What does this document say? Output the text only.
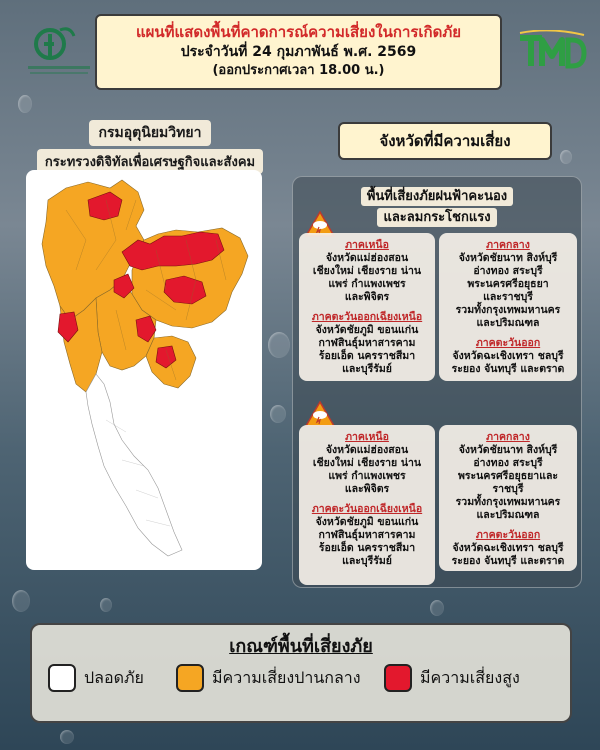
แผนที่แสดงพื้นที่คาดการณ์ความเสี่ยงในการเกิดภัย
ประจำวันที่ 24 กุมภาพันธ์ พ.ศ. 2569
(ออกประกาศเวลา 18.00 น.)
กรมอุตุนิยมวิทยา
กระทรวงดิจิทัลเพื่อเศรษฐกิจและสังคม
จังหวัดที่มีความเสี่ยง
พื้นที่เสี่ยงภัยฝนฟ้าคะนอง
และลมกระโชกแรง
ภาคเหนือ
จังหวัดแม่ฮ่องสอน
เชียงใหม่ เชียงราย น่าน
แพร่ กำแพงเพชร
และพิจิตร
ภาคตะวันออกเฉียงเหนือ
จังหวัดชัยภูมิ ขอนแก่น
กาฬสินธุ์มหาสารคาม
ร้อยเอ็ด นครราชสีมา
และบุรีรัมย์
ภาคกลาง
จังหวัดชัยนาท สิงห์บุรี
อ่างทอง สระบุรี
พระนครศรีอยุธยา
และราชบุรี
รวมทั้งกรุงเทพมหานคร
และปริมณฑล
ภาคตะวันออก
จังหวัดฉะเชิงเทรา ชลบุรี
ระยอง จันทบุรี และตราด
ภาคเหนือ
จังหวัดแม่ฮ่องสอน
เชียงใหม่ เชียงราย น่าน
แพร่ กำแพงเพชร
และพิจิตร
ภาคตะวันออกเฉียงเหนือ
จังหวัดชัยภูมิ ขอนแก่น
กาฬสินธุ์มหาสารคาม
ร้อยเอ็ด นครราชสีมา
และบุรีรัมย์
ภาคกลาง
จังหวัดชัยนาท สิงห์บุรี
อ่างทอง สระบุรี
พระนครศรีอยุธยาและราชบุรี
รวมทั้งกรุงเทพมหานคร
และปริมณฑล
ภาคตะวันออก
จังหวัดฉะเชิงเทรา ชลบุรี
ระยอง จันทบุรี และตราด
เกณฑ์พื้นที่เสี่ยงภัย
ปลอดภัย	มีความเสี่ยงปานกลาง	มีความเสี่ยงสูง
